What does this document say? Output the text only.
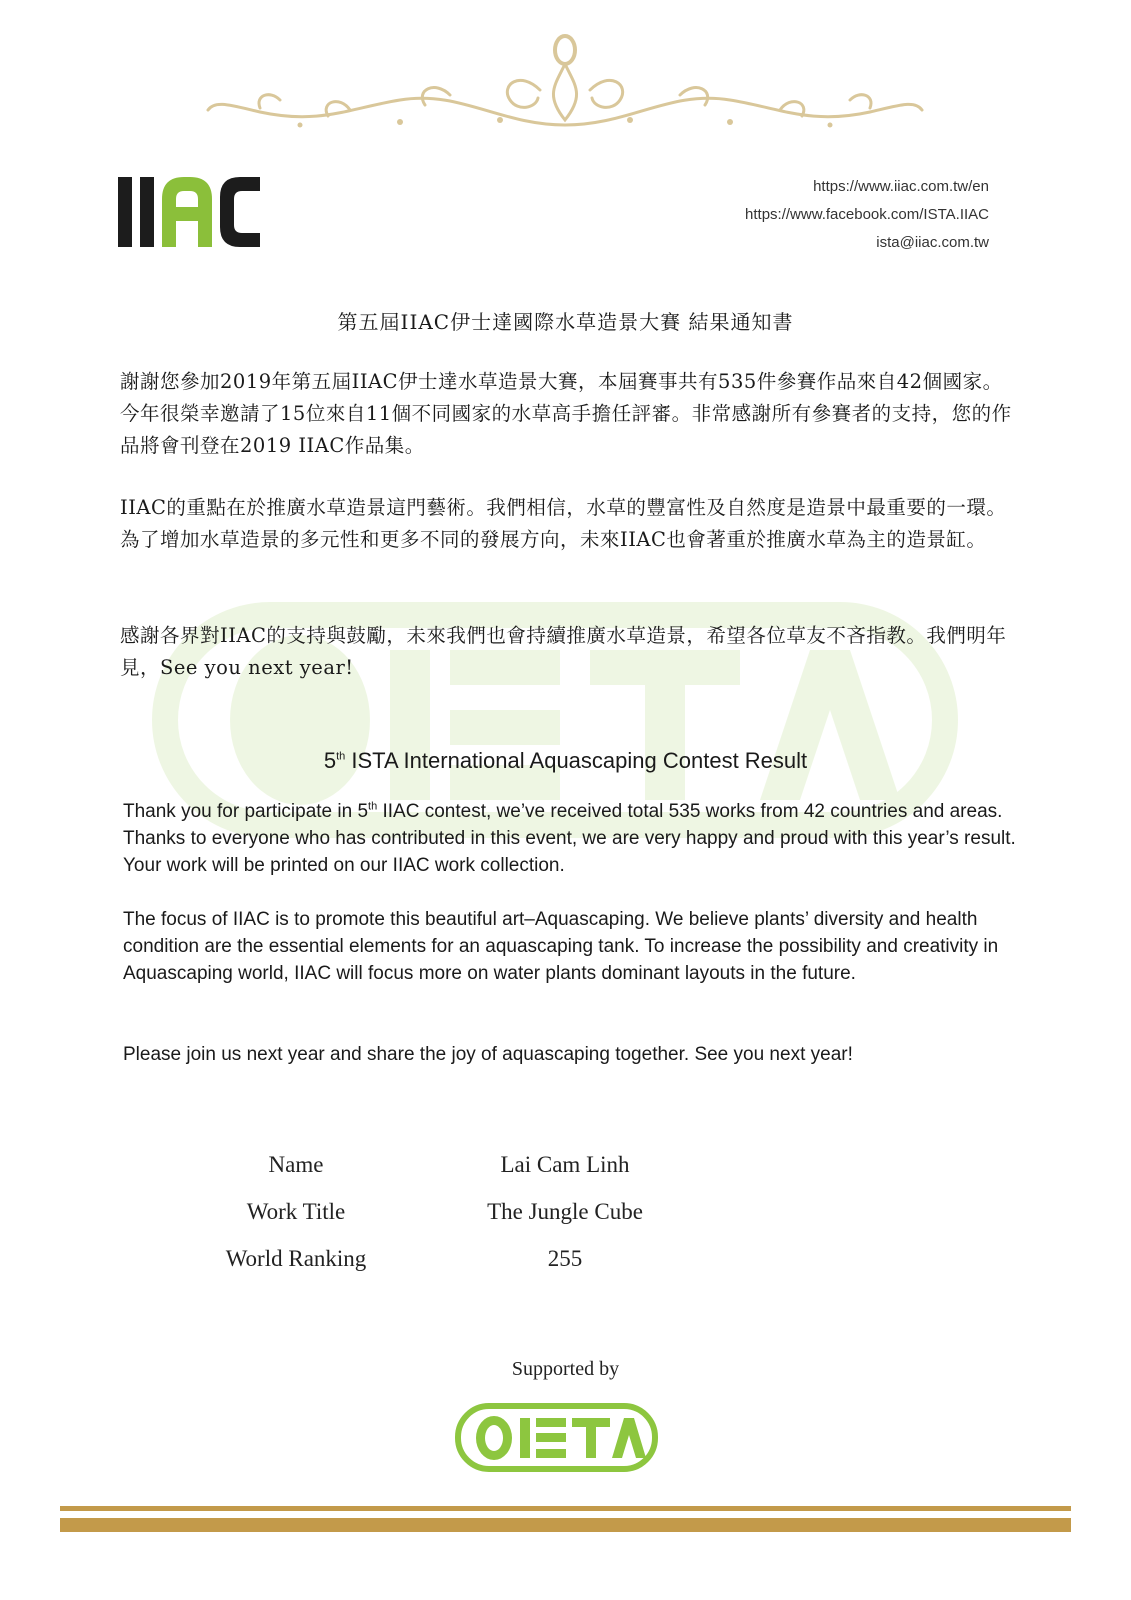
https://www.iiac.com.tw/en
https://www.facebook.com/ISTA.IIAC
ista@iiac.com.tw
第五屆IIAC伊士達國際水草造景大賽 結果通知書
謝謝您參加2019年第五屆IIAC伊士達水草造景大賽，本屆賽事共有535件參賽作品來自42個國家。今年很榮幸邀請了15位來自11個不同國家的水草高手擔任評審。非常感謝所有參賽者的支持，您的作品將會刊登在2019 IIAC作品集。
IIAC的重點在於推廣水草造景這門藝術。我們相信，水草的豐富性及自然度是造景中最重要的一環。為了增加水草造景的多元性和更多不同的發展方向，未來IIAC也會著重於推廣水草為主的造景缸。
感謝各界對IIAC的支持與鼓勵，未來我們也會持續推廣水草造景，希望各位草友不吝指教。我們明年見，See you next year!
5th ISTA International Aquascaping Contest Result
Thank you for participate in 5th IIAC contest, we’ve received total 535 works from 42 countries and areas. Thanks to everyone who has contributed in this event, we are very happy and proud with this year’s result. Your work will be printed on our IIAC work collection.
The focus of IIAC is to promote this beautiful art–Aquascaping. We believe plants’ diversity and health condition are the essential elements for an aquascaping tank. To increase the possibility and creativity in Aquascaping world, IIAC will focus more on water plants dominant layouts in the future.
Please join us next year and share the joy of aquascaping together. See you next year!
Name	Lai Cam Linh
Work Title	The Jungle Cube
World Ranking	255
Supported by
